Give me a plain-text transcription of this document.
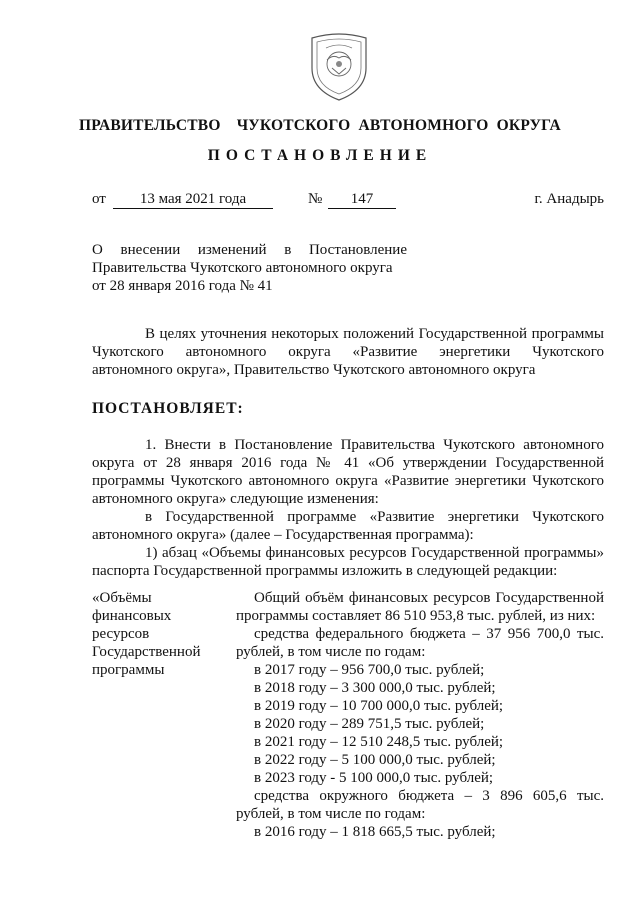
ПРАВИТЕЛЬСТВО  ЧУКОТСКОГО АВТОНОМНОГО ОКРУГА
ПОСТАНОВЛЕНИЕ
от	13 мая 2021 года	№	147	г. Анадырь
О внесении изменений в Постановление
Правительства Чукотского автономного округа
от 28 января 2016 года № 41
В целях уточнения некоторых положений Государственной программы
Чукотского автономного округа «Развитие энергетики Чукотского
автономного округа», Правительство Чукотского автономного округа
ПОСТАНОВЛЯЕТ:
1. Внести в Постановление Правительства Чукотского автономного
округа от 28 января 2016 года № 41 «Об утверждении Государственной
программы Чукотского автономного округа «Развитие энергетики Чукотского
автономного округа» следующие изменения:
в Государственной программе «Развитие энергетики Чукотского
автономного округа» (далее – Государственная программа):
1) абзац «Объемы финансовых ресурсов Государственной программы»
паспорта Государственной программы изложить в следующей редакции:
«Объёмы
финансовых
ресурсов
Государственной
программы
Общий объём финансовых ресурсов Государственной
программы составляет 86 510 953,8 тыс. рублей, из них:
средства федерального бюджета – 37 956 700,0 тыс.
рублей, в том числе по годам:
в 2017 году – 956 700,0 тыс. рублей;
в 2018 году – 3 300 000,0 тыс. рублей;
в 2019 году – 10 700 000,0 тыс. рублей;
в 2020 году – 289 751,5 тыс. рублей;
в 2021 году – 12 510 248,5 тыс. рублей;
в 2022 году – 5 100 000,0 тыс. рублей;
в 2023 году - 5 100 000,0 тыс. рублей;
средства окружного бюджета – 3 896 605,6 тыс.
рублей, в том числе по годам:
в 2016 году – 1 818 665,5 тыс. рублей;
